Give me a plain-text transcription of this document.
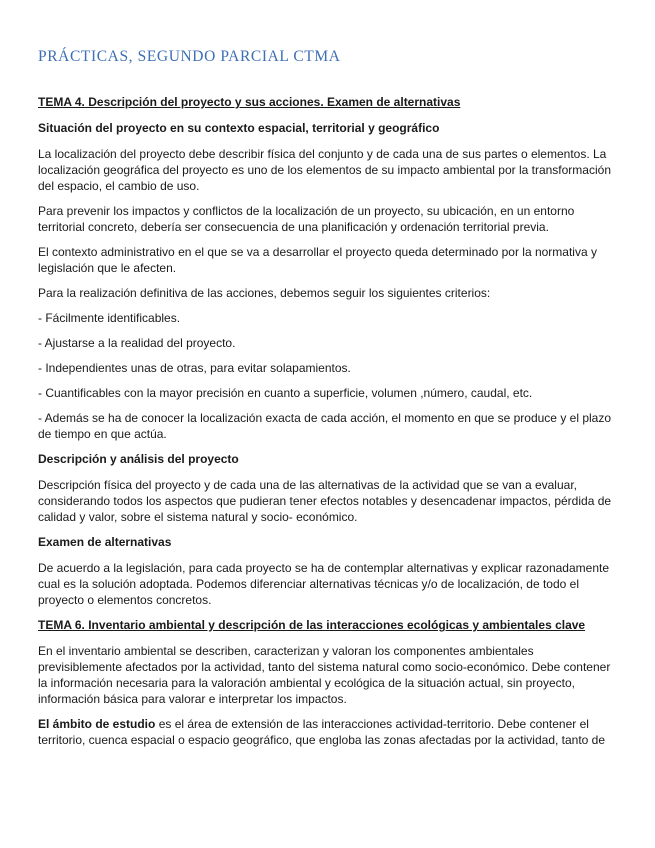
PRÁCTICAS, SEGUNDO PARCIAL CTMA

TEMA 4. Descripción del proyecto y sus acciones. Examen de alternativas

Situación del proyecto en su contexto espacial, territorial y geográfico

La localización del proyecto debe describir física del conjunto y de cada una de sus partes o elementos. La localización geográfica del proyecto es uno de los elementos de su impacto ambiental por la transformación del espacio, el cambio de uso.

Para prevenir los impactos y conflictos de la localización de un proyecto, su ubicación, en un entorno territorial concreto, debería ser consecuencia de una planificación y ordenación territorial previa.

El contexto administrativo en el que se va a desarrollar el proyecto queda determinado por la normativa y legislación que le afecten.

Para la realización definitiva de las acciones, debemos seguir los siguientes criterios:

- Fácilmente identificables.

- Ajustarse a la realidad del proyecto.

- Independientes unas de otras, para evitar solapamientos.

- Cuantificables con la mayor precisión en cuanto a superficie, volumen ,número, caudal, etc.

- Además se ha de conocer la localización exacta de cada acción, el momento en que se produce y el plazo de tiempo en que actúa.

Descripción y análisis del proyecto

Descripción física del proyecto y de cada una de las alternativas de la actividad que se van a evaluar, considerando todos los aspectos que pudieran tener efectos notables y desencadenar impactos, pérdida de calidad y valor, sobre el sistema natural y socio- económico.

Examen de alternativas

De acuerdo a la legislación, para cada proyecto se ha de contemplar alternativas y explicar razonadamente cual es la solución adoptada. Podemos diferenciar alternativas técnicas y/o de localización, de todo el proyecto o elementos concretos.

TEMA 6. Inventario ambiental y descripción de las interacciones ecológicas y ambientales clave

En el inventario ambiental se describen, caracterizan y valoran los componentes ambientales previsiblemente afectados por la actividad, tanto del sistema natural como socio-económico. Debe contener la información necesaria para la valoración ambiental y ecológica de la situación actual, sin proyecto, información básica para valorar e interpretar los impactos.

El ámbito de estudio es el área de extensión de las interacciones actividad-territorio. Debe contener el territorio, cuenca espacial o espacio geográfico, que engloba las zonas afectadas por la actividad, tanto de
